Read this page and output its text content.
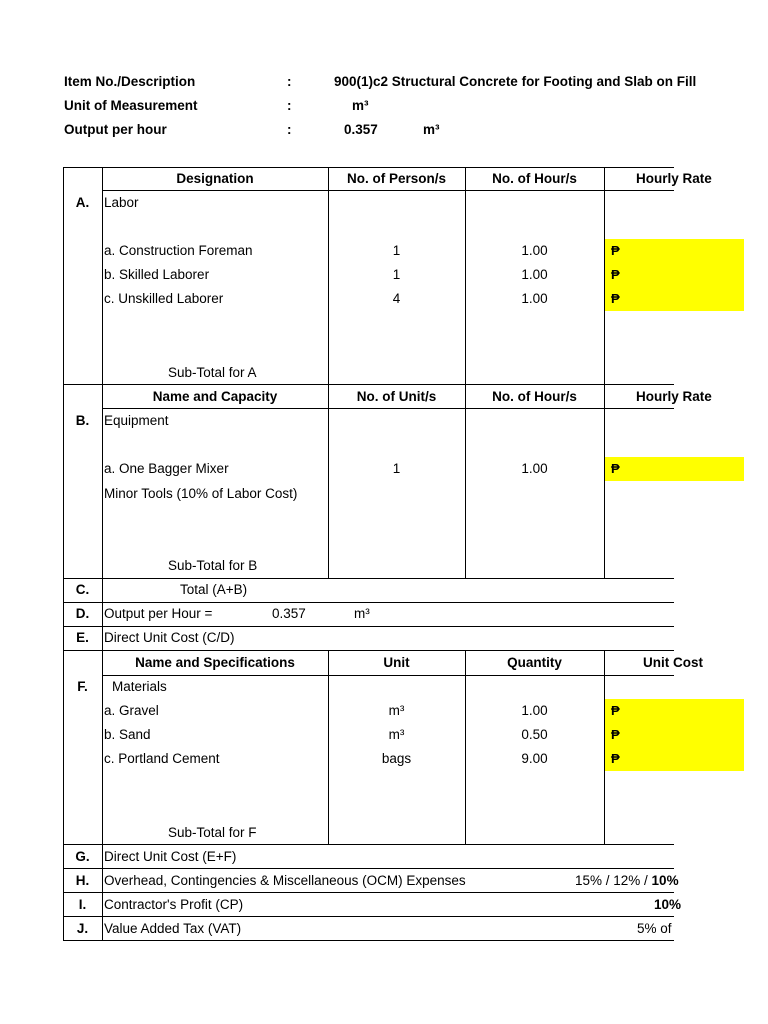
Item No./Description	:	900(1)c2 Structural Concrete for Footing and Slab on Fill
Unit of Measurement	:	m³
Output per hour	:	0.357	m³
Designation	No. of Person/s	No. of Hour/s	Hourly Rate
A.	Labor
a. Construction Foreman	1	1.00	₱
b. Skilled Laborer	1	1.00	₱
c. Unskilled Laborer	4	1.00	₱
Sub-Total for A
Name and Capacity	No. of Unit/s	No. of Hour/s	Hourly Rate
B.	Equipment
a. One Bagger Mixer	1	1.00	₱
Minor Tools (10% of Labor Cost)
Sub-Total for B
C.	Total (A+B)
D.	Output per Hour =	0.357	m³
E.	Direct Unit Cost (C/D)
Name and Specifications	Unit	Quantity	Unit Cost
F.	Materials
a. Gravel	m³	1.00	₱
b. Sand	m³	0.50	₱
c. Portland Cement	bags	9.00	₱
Sub-Total for F
G.	Direct Unit Cost (E+F)
H.	Overhead, Contingencies & Miscellaneous (OCM) Expenses	15% / 12% / 10%
I.	Contractor's Profit (CP)	10%
J.	Value Added Tax (VAT)	5% of
